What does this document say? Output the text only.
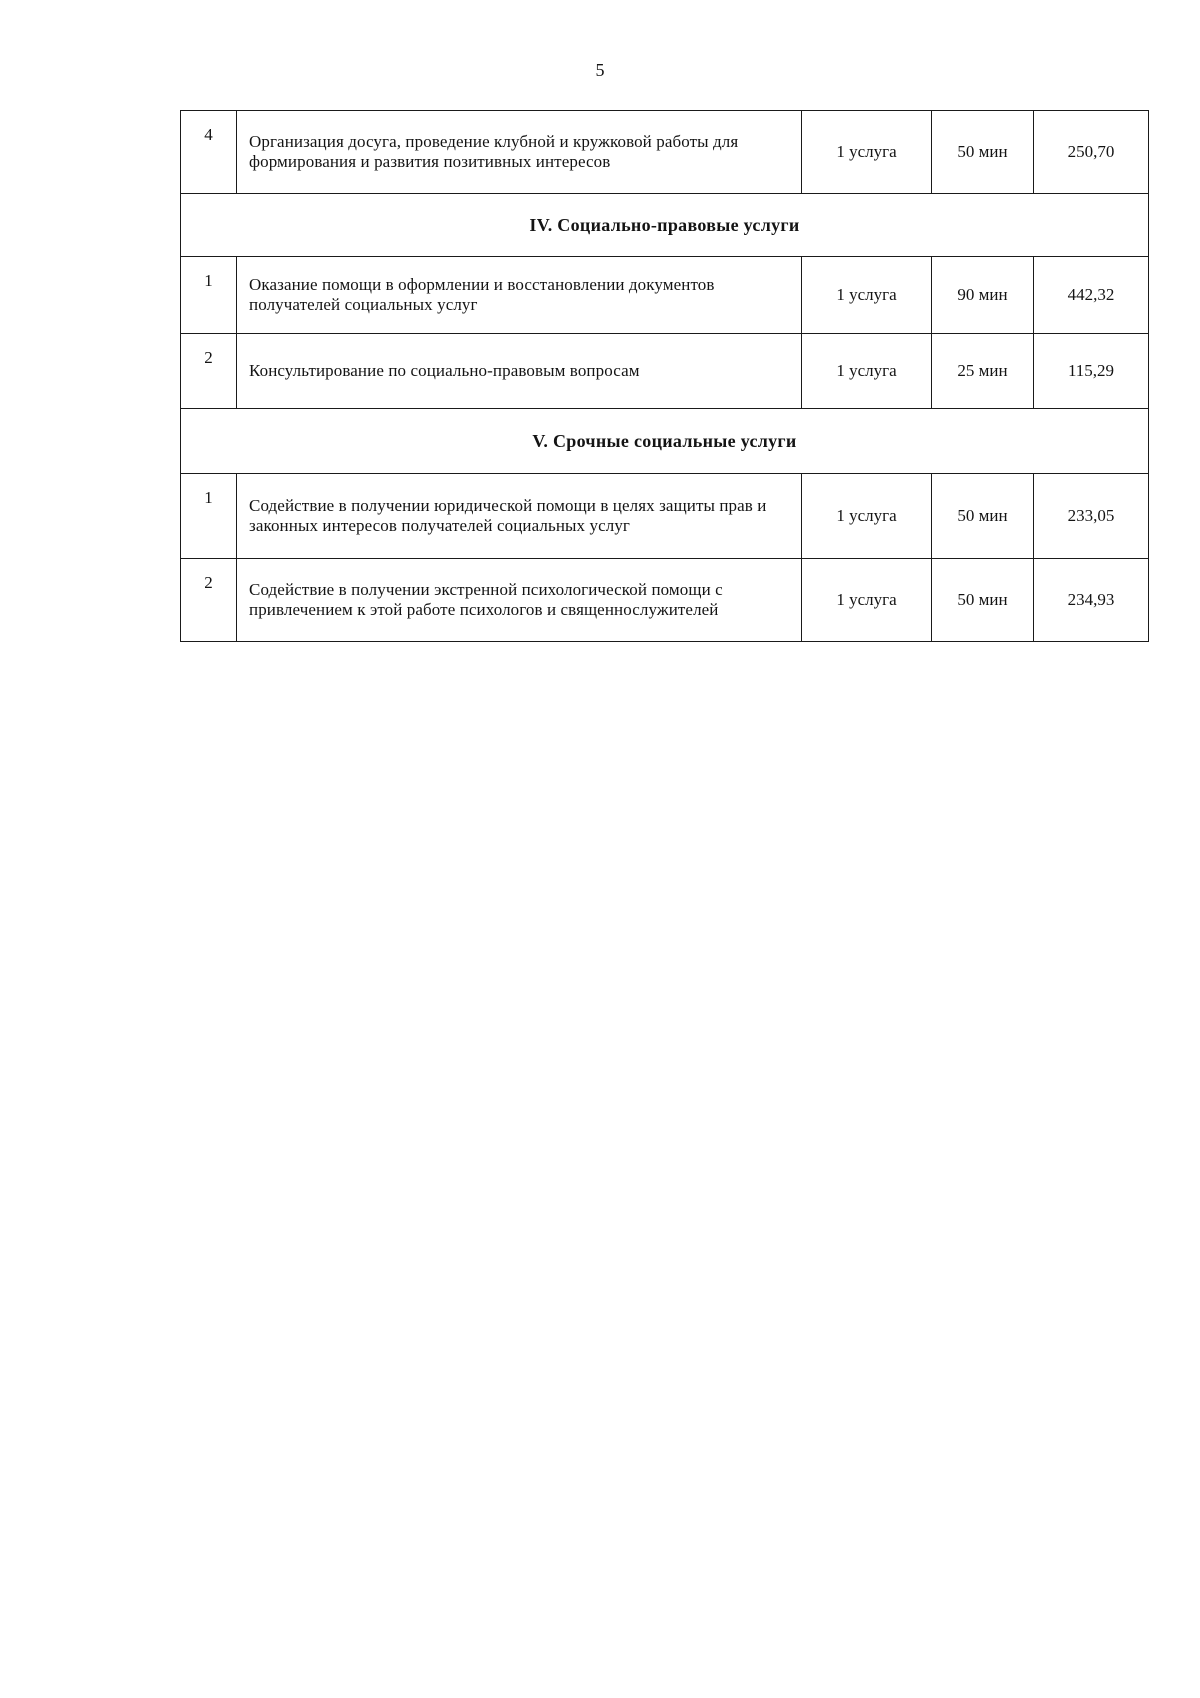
5
4	Организация досуга, проведение клубной и кружковой работы для формирования и развития позитивных интересов	1 услуга	50 мин	250,70
IV. Социально-правовые услуги				
1	Оказание помощи в оформлении и восстановлении документов получателей социальных услуг	1 услуга	90 мин	442,32
2	Консультирование по социально-правовым вопросам	1 услуга	25 мин	115,29
V. Срочные социальные услуги				
1	Содействие в получении юридической помощи в целях защиты прав и законных интересов получателей социальных услуг	1 услуга	50 мин	233,05
2	Содействие в получении экстренной психологической помощи с привлечением к этой работе психологов и священнослужителей	1 услуга	50 мин	234,93
